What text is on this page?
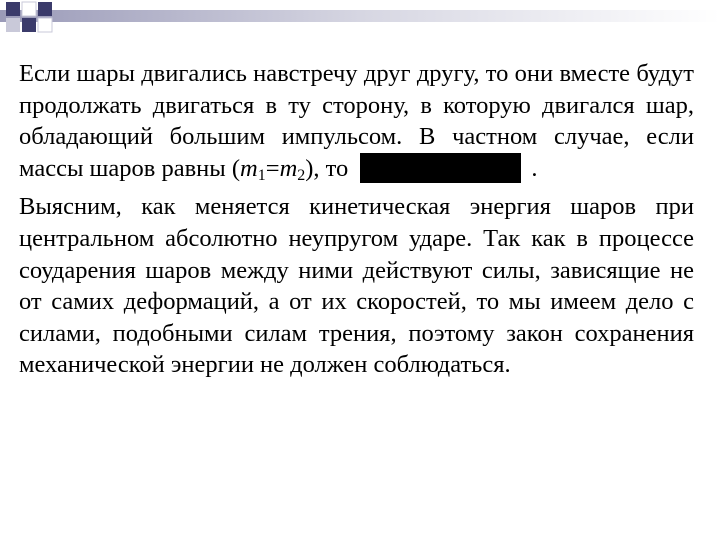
Если шары двигались навстречу друг другу, то они вместе будут продолжать двигаться в ту сторону, в которую двигался шар, обладающий большим импульсом. В частном случае, если массы шаров равны $(m_1=m_2)$, то	.

Выясним, как меняется кинетическая энергия шаров при центральном абсолютно неупругом ударе. Так как в процессе соударения шаров между ними действуют силы, зависящие не от самих деформаций, а от их скоростей, то мы имеем дело с силами, подобными силам трения, поэтому закон сохранения механической энергии не должен соблюдаться.
